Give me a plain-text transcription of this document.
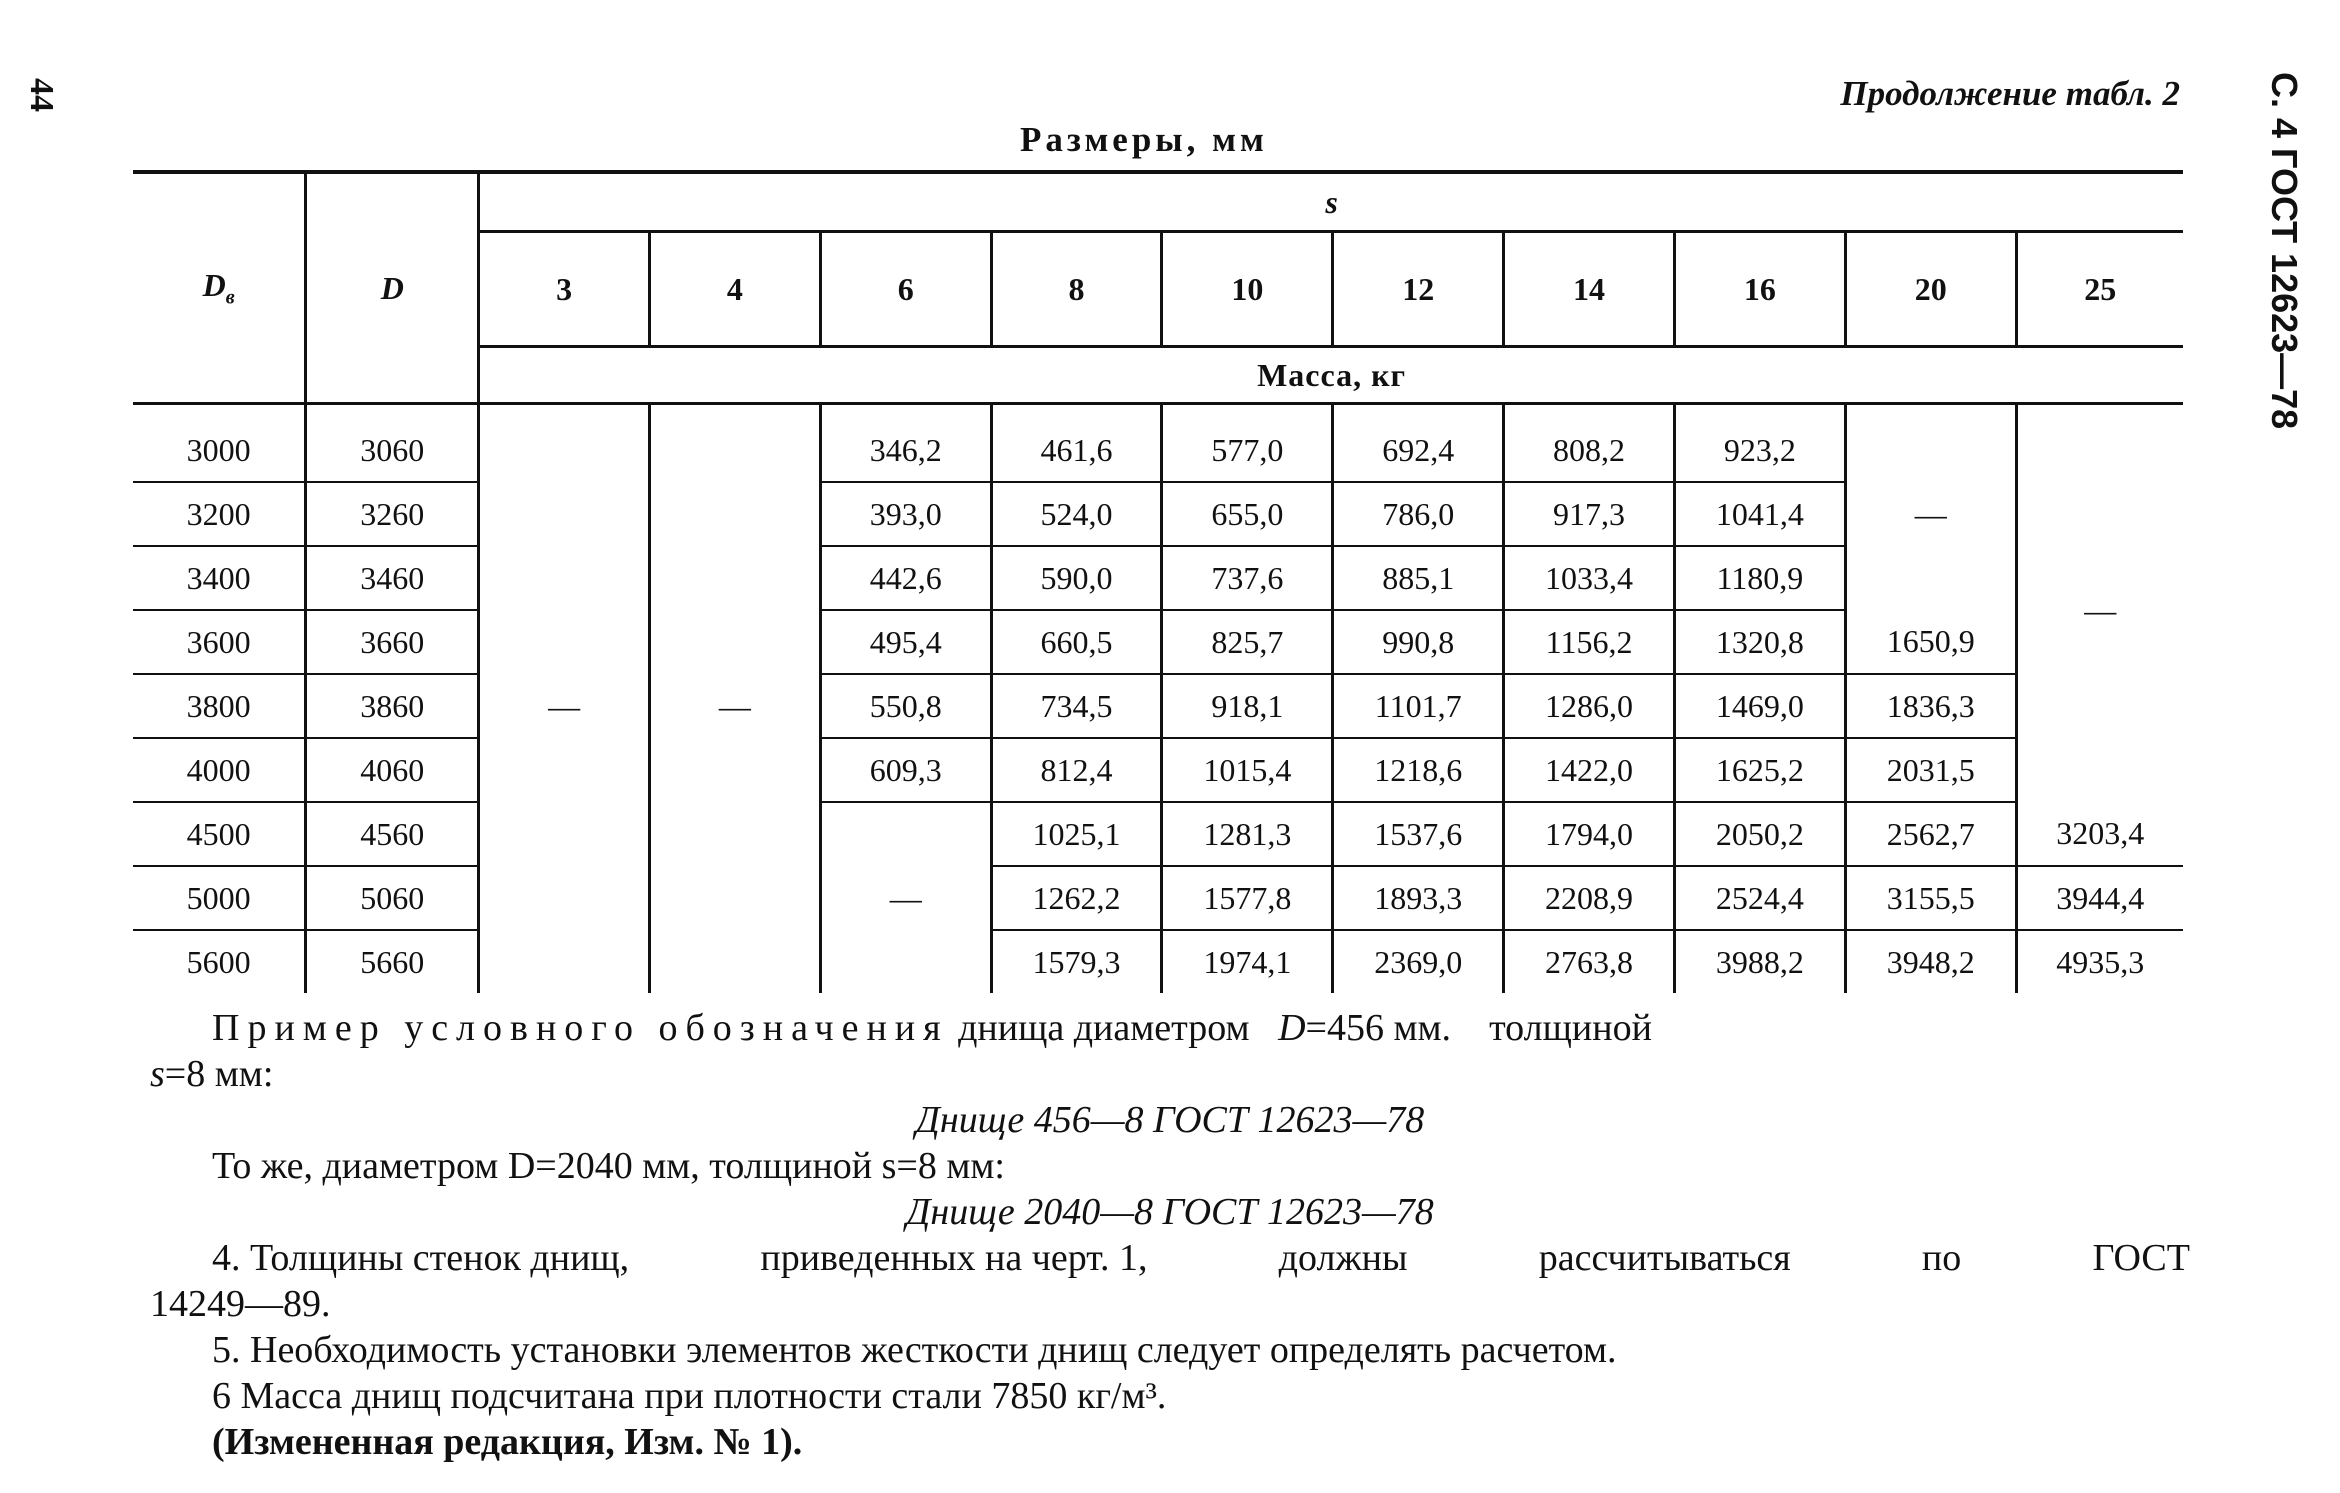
44	С. 4 ГОСТ 12623—78
Продолжение табл. 2
Размеры, мм
$D_в$	D	s									
		3	4	6	8	10	12	14	16	20	25
		Масса, кг									
3000	3060	—	—	346,2	461,6	577,0	692,4	808,2	923,2	—	—
3200	3260			393,0	524,0	655,0	786,0	917,3	1041,4		
3400	3460			442,6	590,0	737,6	885,1	1033,4	1180,9		
3600	3660			495,4	660,5	825,7	990,8	1156,2	1320,8	1650,9	
3800	3860			550,8	734,5	918,1	1101,7	1286,0	1469,0	1836,3	
4000	4060			609,3	812,4	1015,4	1218,6	1422,0	1625,2	2031,5	
4500	4560			—	1025,1	1281,3	1537,6	1794,0	2050,2	2562,7	3203,4
5000	5060				1262,2	1577,8	1893,3	2208,9	2524,4	3155,5	3944,4
5600	5660				1579,3	1974,1	2369,0	2763,8	3988,2	3948,2	4935,3

Пример условного обозначения днища диаметром D=456 мм. толщиной

s=8 мм:

Днище 456—8 ГОСТ 12623—78

То же, диаметром D=2040 мм, толщиной s=8 мм:

Днище 2040—8 ГОСТ 12623—78

4. Толщины стенок днищ,	приведенных на черт. 1,	должны	рассчитываться	по	ГОСТ

14249—89.

5. Необходимость установки элементов жесткости днищ следует определять расчетом.

6 Масса днищ подсчитана при плотности стали 7850 кг/м³.

(Измененная редакция, Изм. № 1).
